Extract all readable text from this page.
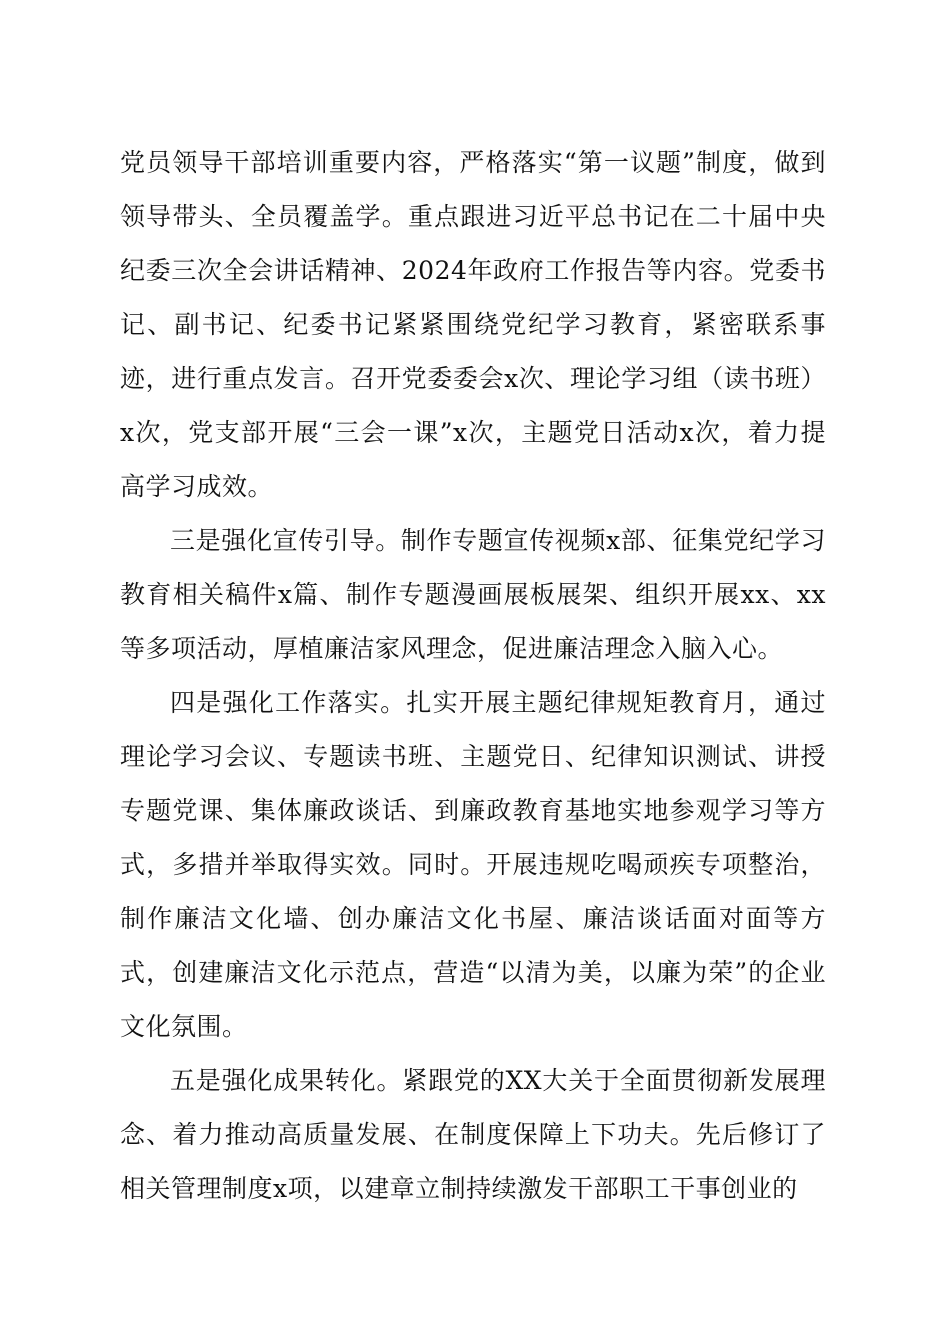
党员领导干部培训重要内容，严格落实“第一议题”制度，做到领导带头、全员覆盖学。重点跟进习近平总书记在二十届中央纪委三次全会讲话精神、2024年政府工作报告等内容。党委书记、副书记、纪委书记紧紧围绕党纪学习教育，紧密联系事迹，进行重点发言。召开党委委会x次、理论学习组（读书班）x次，党支部开展“三会一课”x次，主题党日活动x次，着力提高学习成效。

三是强化宣传引导。制作专题宣传视频x部、征集党纪学习教育相关稿件x篇、制作专题漫画展板展架、组织开展xx、xx等多项活动，厚植廉洁家风理念，促进廉洁理念入脑入心。

四是强化工作落实。扎实开展主题纪律规矩教育月，通过理论学习会议、专题读书班、主题党日、纪律知识测试、讲授专题党课、集体廉政谈话、到廉政教育基地实地参观学习等方式，多措并举取得实效。同时。开展违规吃喝顽疾专项整治，制作廉洁文化墙、创办廉洁文化书屋、廉洁谈话面对面等方式，创建廉洁文化示范点，营造“以清为美，以廉为荣”的企业文化氛围。

五是强化成果转化。紧跟党的XX大关于全面贯彻新发展理念、着力推动高质量发展、在制度保障上下功夫。先后修订了相关管理制度x项，以建章立制持续激发干部职工干事创业的
